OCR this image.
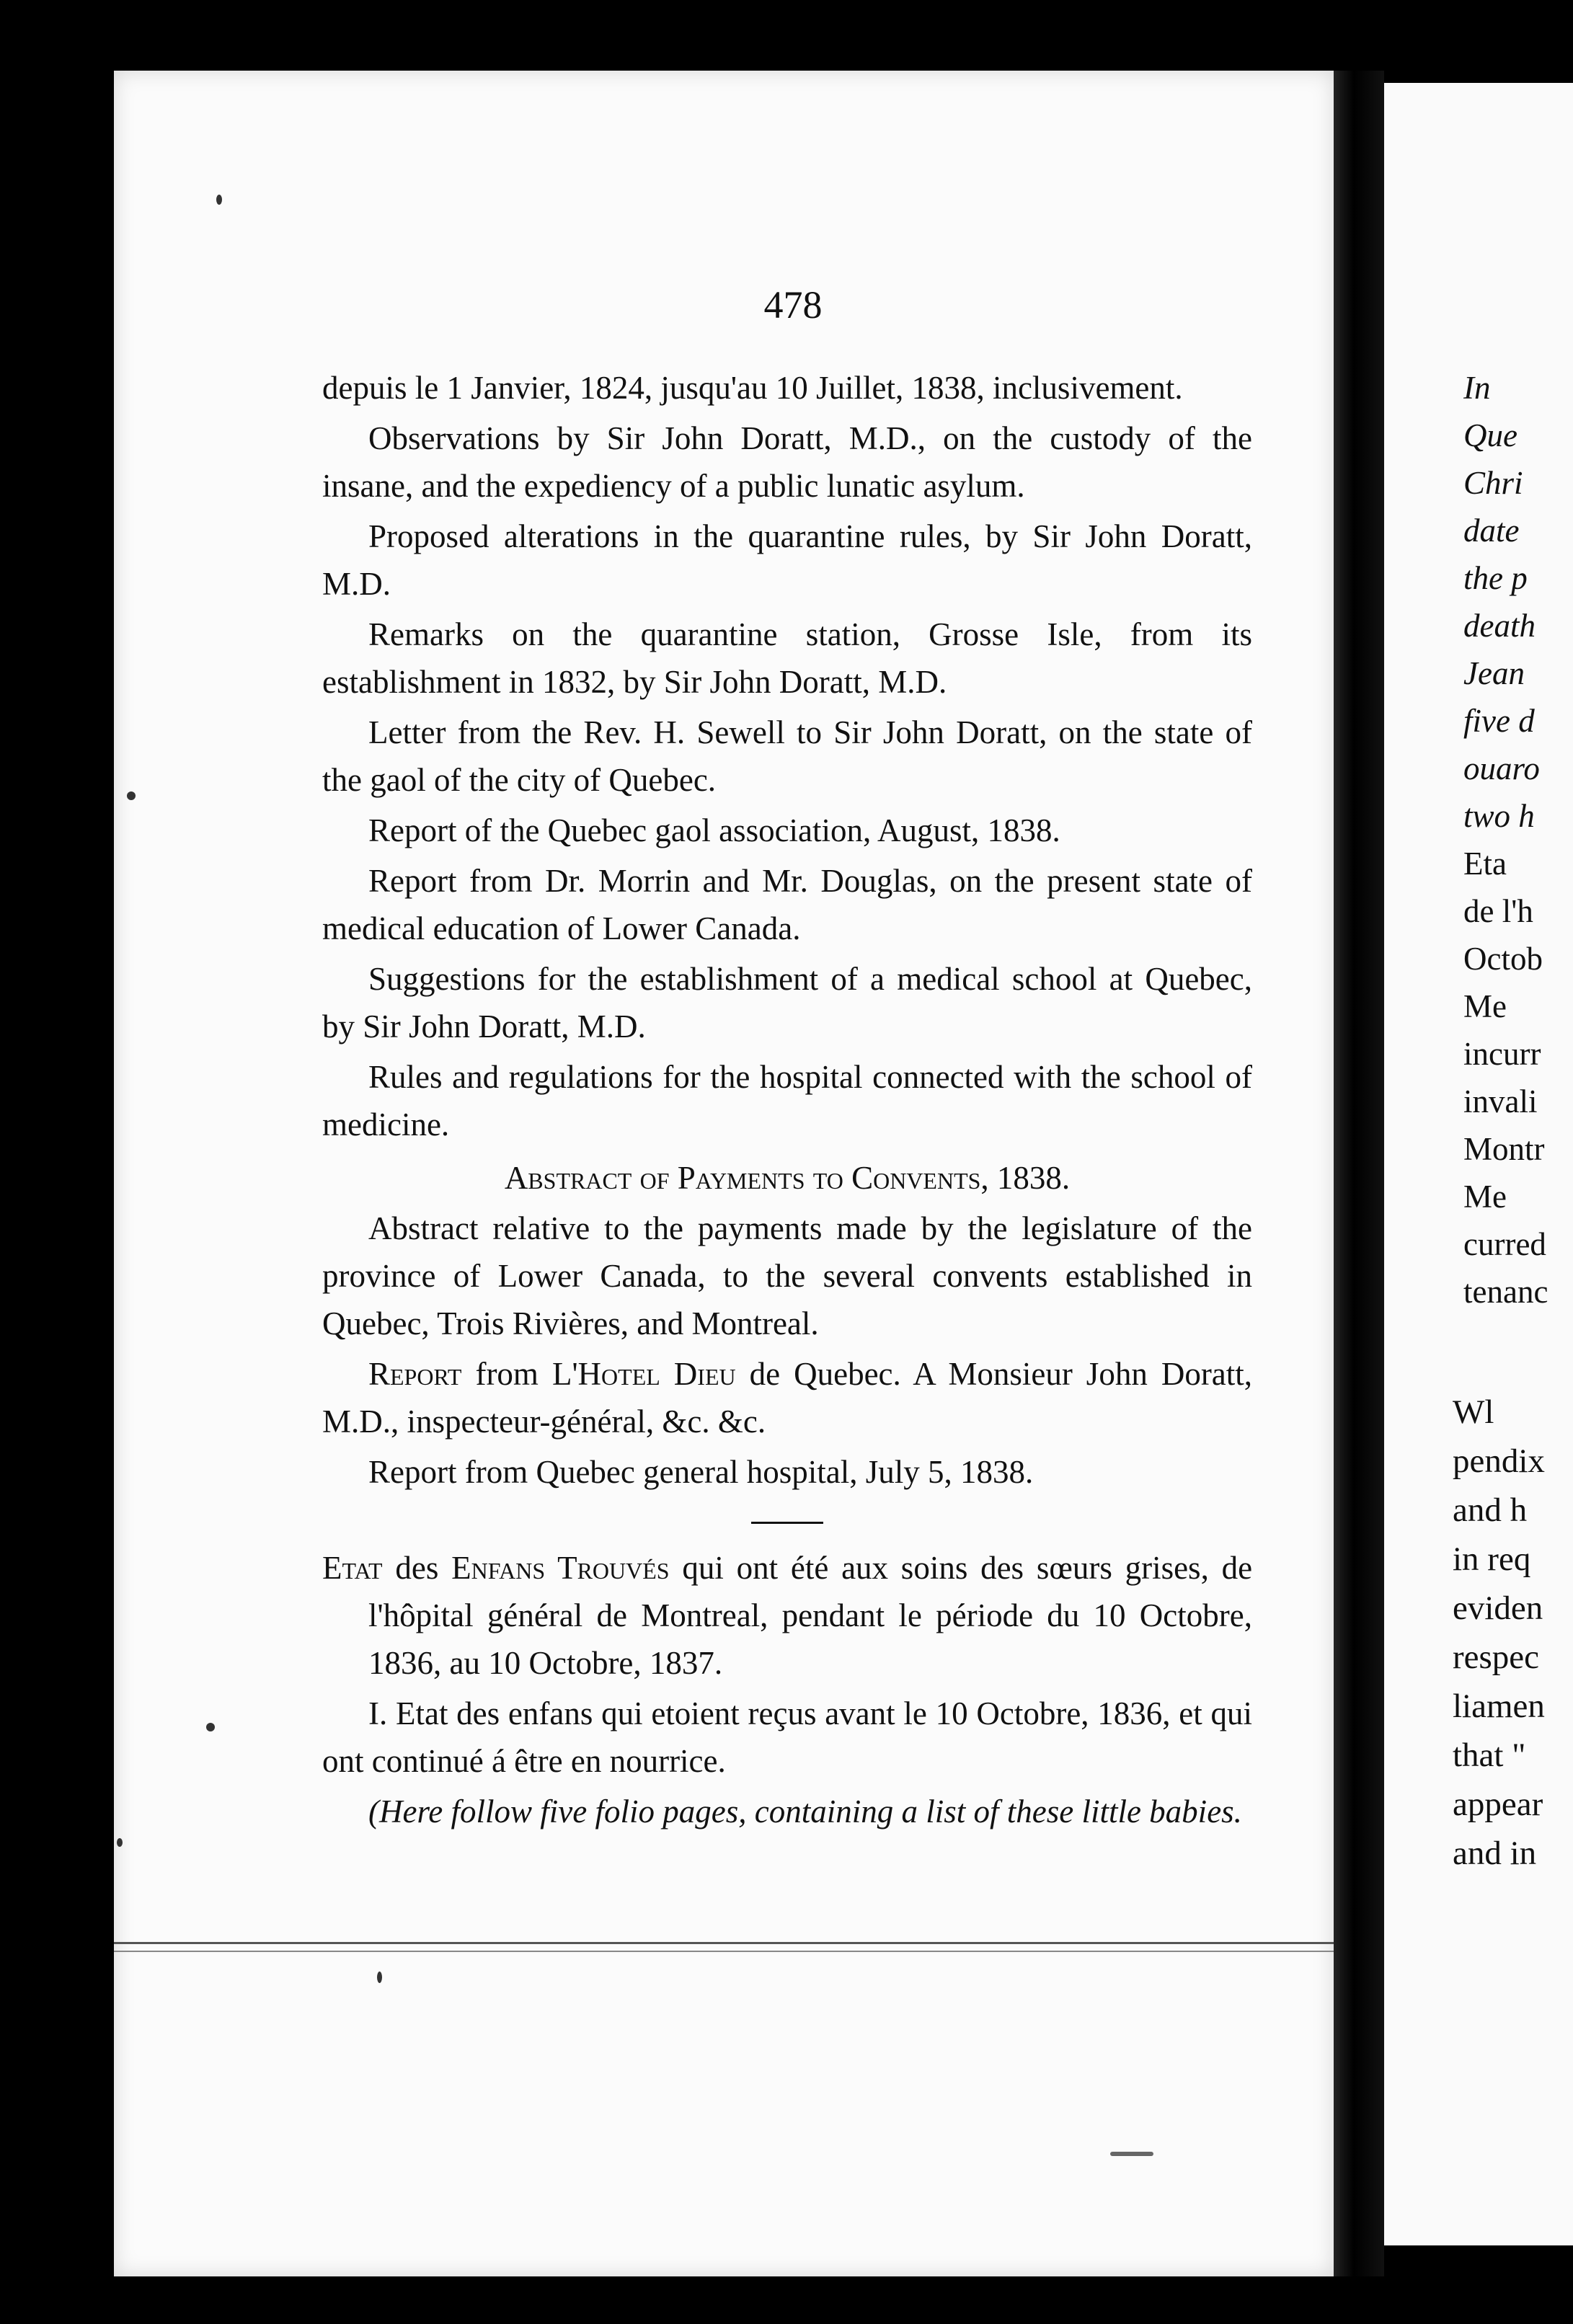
478

depuis le 1 Janvier, 1824, jusqu'au 10 Juillet, 1838, inclusivement.

Observations by Sir John Doratt, M.D., on the custody of the insane, and the expediency of a public lunatic asylum.

Proposed alterations in the quarantine rules, by Sir John Doratt, M.D.

Remarks on the quarantine station, Grosse Isle, from its establishment in 1832, by Sir John Doratt, M.D.

Letter from the Rev. H. Sewell to Sir John Doratt, on the state of the gaol of the city of Quebec.

Report of the Quebec gaol association, August, 1838.

Report from Dr. Morrin and Mr. Douglas, on the present state of medical education of Lower Canada.

Suggestions for the establishment of a medical school at Quebec, by Sir John Doratt, M.D.

Rules and regulations for the hospital connected with the school of medicine.

Abstract of Payments to Convents, 1838.

Abstract relative to the payments made by the legislature of the province of Lower Canada, to the several convents established in Quebec, Trois Rivières, and Montreal.

Report from L'Hotel Dieu de Quebec. A Monsieur John Doratt, M.D., inspecteur-général, &c. &c.

Report from Quebec general hospital, July 5, 1838.

Etat des Enfans Trouvés qui ont été aux soins des sœurs grises, de l'hôpital général de Montreal, pendant le période du 10 Octobre, 1836, au 10 Octobre, 1837.

I. Etat des enfans qui etoient reçus avant le 10 Octobre, 1836, et qui ont continué á être en nourrice.

(Here follow five folio pages, containing a list of these little babies.

In
Que
Chri
date
the p
death
Jean
five d
ouaro
two h
Eta
de l'h
Octob
Me
incurr
invali
Montr
Me
curred
tenanc
Wl
pendix
and h
in req
eviden
respec
liamen
that "
appear
and in
